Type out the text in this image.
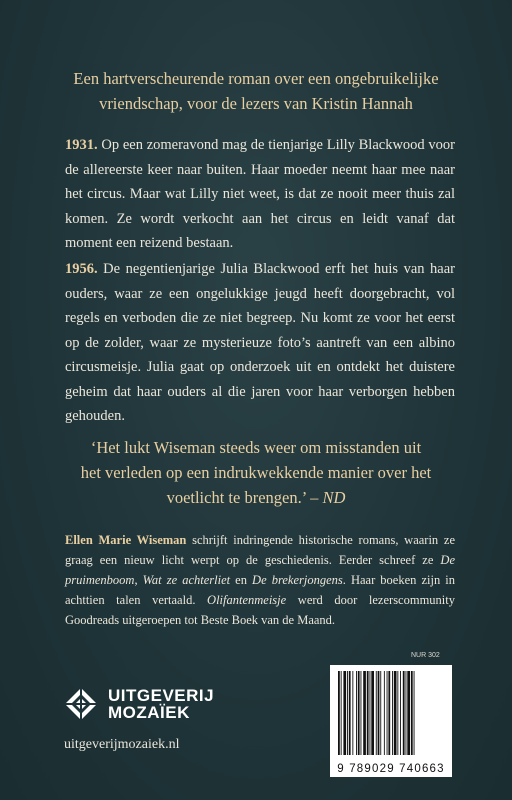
Een hartverscheurende roman over een ongebruikelijke
vriendschap, voor de lezers van Kristin Hannah

1931. Op een zomeravond mag de tienjarige Lilly Blackwood voor de allereerste keer naar buiten. Haar moeder neemt haar mee naar het circus. Maar wat Lilly niet weet, is dat ze nooit meer thuis zal komen. Ze wordt verkocht aan het circus en leidt vanaf dat moment een reizend bestaan.

1956. De negentienjarige Julia Blackwood erft het huis van haar ouders, waar ze een ongelukkige jeugd heeft doorgebracht, vol regels en verboden die ze niet begreep. Nu komt ze voor het eerst op de zolder, waar ze mysterieuze foto’s aantreft van een albino circusmeisje. Julia gaat op onderzoek uit en ontdekt het duistere geheim dat haar ouders al die jaren voor haar verborgen hebben gehouden.

‘Het lukt Wiseman steeds weer om misstanden uit
het verleden op een indrukwekkende manier over het
voetlicht te brengen.’ – ND

Ellen Marie Wiseman schrijft indringende historische romans, waarin ze graag een nieuw licht werpt op de geschiedenis. Eerder schreef ze De pruimenboom, Wat ze achterliet en De brekerjongens. Haar boeken zijn in achttien talen vertaald. Olifantenmeisje werd door lezerscommunity Goodreads uitgeroepen tot Beste Boek van de Maand.

UITGEVERIJ
MOZAÏEK
uitgeverijmozaiek.nl
NUR 302
9 789029 740663
